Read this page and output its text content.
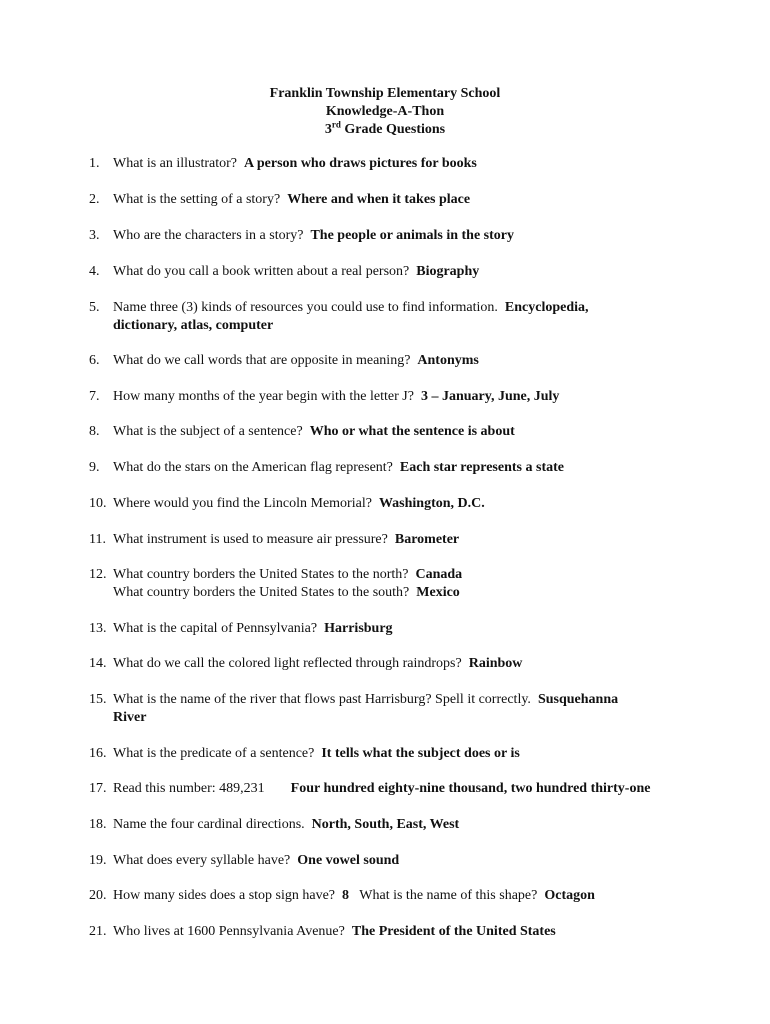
Franklin Township Elementary School
Knowledge-A-Thon
3rd Grade Questions
1. What is an illustrator? A person who draws pictures for books
2. What is the setting of a story? Where and when it takes place
3. Who are the characters in a story? The people or animals in the story
4. What do you call a book written about a real person? Biography
5. Name three (3) kinds of resources you could use to find information. Encyclopedia,
dictionary, atlas, computer
6. What do we call words that are opposite in meaning? Antonyms
7. How many months of the year begin with the letter J? 3 – January, June, July
8. What is the subject of a sentence? Who or what the sentence is about
9. What do the stars on the American flag represent? Each star represents a state
10. Where would you find the Lincoln Memorial? Washington, D.C.
11. What instrument is used to measure air pressure? Barometer
12. What country borders the United States to the north? Canada
What country borders the United States to the south? Mexico
13. What is the capital of Pennsylvania? Harrisburg
14. What do we call the colored light reflected through raindrops? Rainbow
15. What is the name of the river that flows past Harrisburg? Spell it correctly. Susquehanna
River
16. What is the predicate of a sentence? It tells what the subject does or is
17. Read this number: 489,231 Four hundred eighty-nine thousand, two hundred thirty-one
18. Name the four cardinal directions. North, South, East, West
19. What does every syllable have? One vowel sound
20. How many sides does a stop sign have? 8 What is the name of this shape? Octagon
21. Who lives at 1600 Pennsylvania Avenue? The President of the United States
